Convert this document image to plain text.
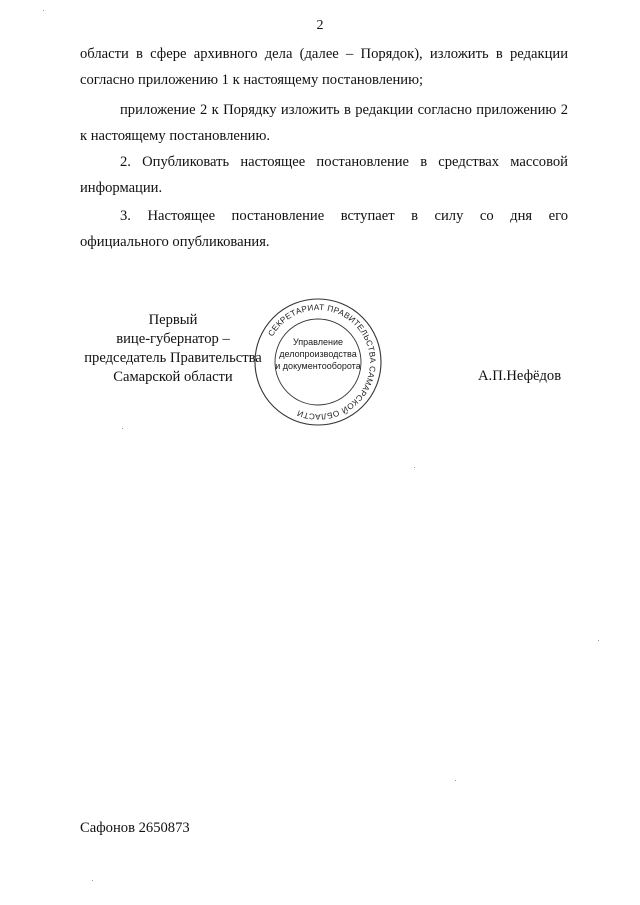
2
области в сфере архивного дела (далее – Порядок), изложить в редакции
согласно приложению 1 к настоящему постановлению;
приложение 2 к Порядку изложить в редакции согласно приложению 2
к настоящему постановлению.
2. Опубликовать настоящее постановление в средствах массовой
информации.
3. Настоящее постановление вступает в силу со дня его
официального опубликования.
Первый
вице-губернатор –
председатель Правительства
Самарской области
СЕКРЕТАРИАТ ПРАВИТЕЛЬСТВА САМАРСКОЙ ОБЛАСТИ
Управление
делопроизводства
и документооборота
А.П.Нефёдов
Сафонов 2650873
